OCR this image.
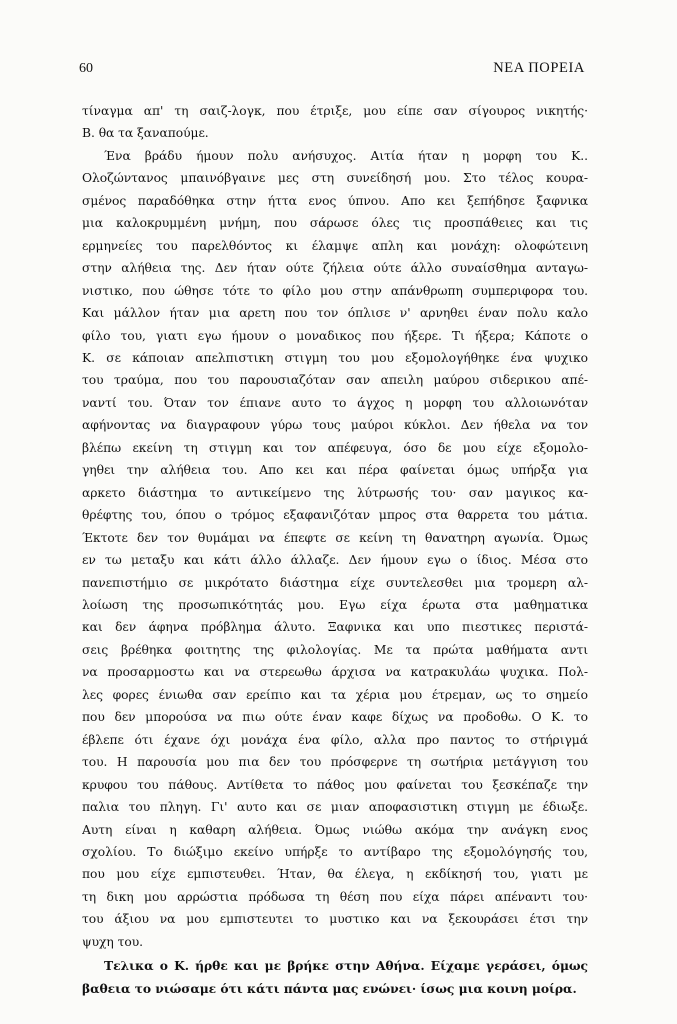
60	ΝΕΑ ΠΟΡΕΙΑ
τίναγμα απ' τη σαιζ-λογκ, που έτριξε, μου είπε σαν σίγουρος νικητής·
Β. θα τα ξαναπούμε.
Ένα βράδυ ήμουν πολυ ανήσυχος. Αιτία ήταν η μορφη του Κ..
Ολοζώντανος μπαινόβγαινε μες στη συνείδησή μου. Στο τέλος κουρα-
σμένος παραδόθηκα στην ήττα ενος ύπνου. Απο κει ξεπήδησε ξαφνικα
μια καλοκρυμμένη μνήμη, που σάρωσε όλες τις προσπάθειες και τις
ερμηνείες του παρελθόντος κι έλαμψε απλη και μονάχη: ολοφώτεινη
στην αλήθεια της. Δεν ήταν ούτε ζήλεια ούτε άλλο συναίσθημα ανταγω-
νιστικο, που ώθησε τότε το φίλο μου στην απάνθρωπη συμπεριφορα του.
Και μάλλον ήταν μια αρετη που τον όπλισε ν' αρνηθει έναν πολυ καλο
φίλο του, γιατι εγω ήμουν ο μοναδικος που ήξερε. Τι ήξερα; Κάποτε ο
Κ. σε κάποιαν απελπιστικη στιγμη του μου εξομολογήθηκε ένα ψυχικο
του τραύμα, που του παρουσιαζόταν σαν απειλη μαύρου σιδερικου απέ-
ναντί του. Όταν τον έπιανε αυτο το άγχος η μορφη του αλλοιωνόταν
αφήνοντας να διαγραφουν γύρω τους μαύροι κύκλοι. Δεν ήθελα να τον
βλέπω εκείνη τη στιγμη και τον απέφευγα, όσο δε μου είχε εξομολο-
γηθει την αλήθεια του. Απο κει και πέρα φαίνεται όμως υπήρξα για
αρκετο διάστημα το αντικείμενο της λύτρωσής του· σαν μαγικος κα-
θρέφτης του, όπου ο τρόμος εξαφανιζόταν μπρος στα θαρρετα του μάτια.
Έκτοτε δεν τον θυμάμαι να έπεφτε σε κείνη τη θανατηρη αγωνία. Όμως
εν τω μεταξυ και κάτι άλλο άλλαζε. Δεν ήμουν εγω ο ίδιος. Μέσα στο
πανεπιστήμιο σε μικρότατο διάστημα είχε συντελεσθει μια τρομερη αλ-
λοίωση της προσωπικότητάς μου. Εγω είχα έρωτα στα μαθηματικα
και δεν άφηνα πρόβλημα άλυτο. Ξαφνικα και υπο πιεστικες περιστά-
σεις βρέθηκα φοιτητης της φιλολογίας. Με τα πρώτα μαθήματα αντι
να προσαρμοστω και να στερεωθω άρχισα να κατρακυλάω ψυχικα. Πολ-
λες φορες ένιωθα σαν ερείπιο και τα χέρια μου έτρεμαν, ως το σημείο
που δεν μπορούσα να πιω ούτε έναν καφε δίχως να προδοθω. Ο Κ. το
έβλεπε ότι έχανε όχι μονάχα ένα φίλο, αλλα προ παντος το στήριγμά
του. Η παρουσία μου πια δεν του πρόσφερνε τη σωτήρια μετάγγιση του
κρυφου του πάθους. Αντίθετα το πάθος μου φαίνεται του ξεσκέπαζε την
παλια του πληγη. Γι' αυτο και σε μιαν αποφασιστικη στιγμη με έδιωξε.
Αυτη είναι η καθαρη αλήθεια. Όμως νιώθω ακόμα την ανάγκη ενος
σχολίου. Το διώξιμο εκείνο υπήρξε το αντίβαρο της εξομολόγησής του,
που μου είχε εμπιστευθει. Ήταν, θα έλεγα, η εκδίκησή του, γιατι με
τη δικη μου αρρώστια πρόδωσα τη θέση που είχα πάρει απέναντι του·
του άξιου να μου εμπιστευτει το μυστικο και να ξεκουράσει έτσι την
ψυχη του.
Τελικα ο Κ. ήρθε και με βρήκε στην Αθήνα. Είχαμε γεράσει, όμως
βαθεια το νιώσαμε ότι κάτι πάντα μας ενώνει· ίσως μια κοινη μοίρα.
